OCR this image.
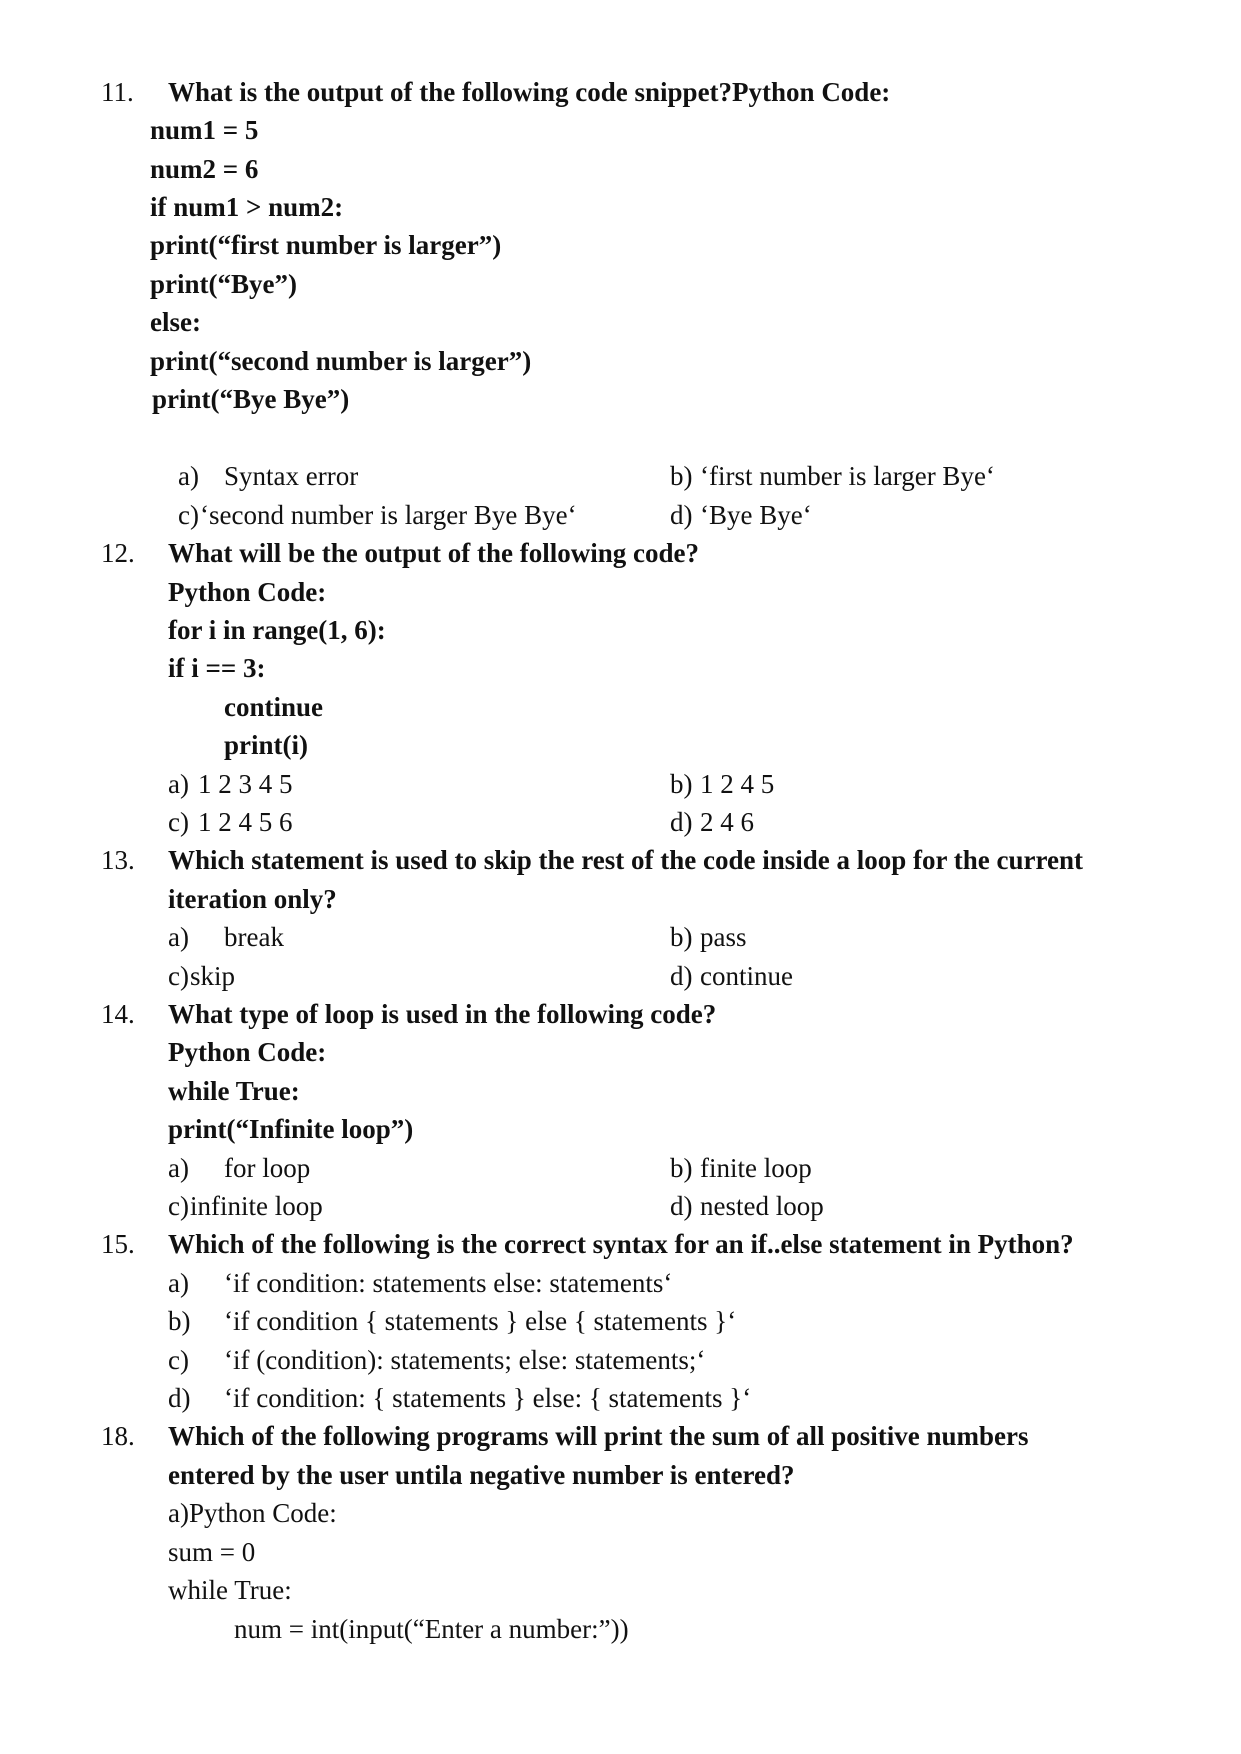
11. What is the output of the following code snippet?Python Code:
num1 = 5
num2 = 6
if num1 > num2:
print(“first number is larger”)
print(“Bye”)
else:
print(“second number is larger”)
print(“Bye Bye”)
a) Syntax error	b) ‘first number is larger Bye‘
c) ‘second number is larger Bye Bye‘	d) ‘Bye Bye‘
12. What will be the output of the following code?
Python Code:
for i in range(1, 6):
if i == 3:
continue
print(i)
a) 1 2 3 4 5	b) 1 2 4 5
c) 1 2 4 5 6	d) 2 4 6
13. Which statement is used to skip the rest of the code inside a loop for the current
iteration only?
a) break	b) pass
c) skip	d) continue
14. What type of loop is used in the following code?
Python Code:
while True:
print(“Infinite loop”)
a) for loop	b) finite loop
c) infinite loop	d) nested loop
15. Which of the following is the correct syntax for an if..else statement in Python?
a) ‘if condition: statements else: statements‘
b) ‘if condition { statements } else { statements }‘
c) ‘if (condition): statements; else: statements;‘
d) ‘if condition: { statements } else: { statements }‘
18. Which of the following programs will print the sum of all positive numbers
entered by the user untila negative number is entered?
a)Python Code:
sum = 0
while True:
num = int(input(“Enter a number:”))
